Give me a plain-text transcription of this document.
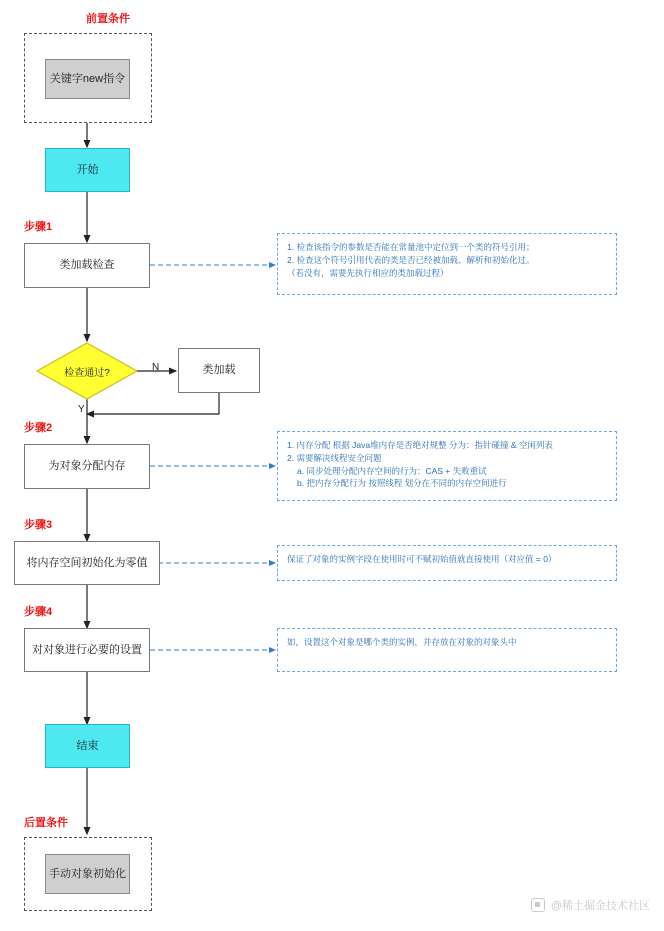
前置条件
关键字new指令
开始
步骤1
类加载检查
1. 检查该指令的参数是否能在常量池中定位到一个类的符号引用；
2. 检查这个符号引用代表的类是否已经被加载、解析和初始化过。
（若没有，需要先执行相应的类加载过程）
检查通过?	N
Y
类加载
步骤2
为对象分配内存
1. 内存分配 根据 Java堆内存是否绝对规整 分为：指针碰撞 & 空闲列表
2. 需要解决线程安全问题
a. 同步处理分配内存空间的行为：CAS + 失败重试
b. 把内存分配行为 按照线程 划分在不同的内存空间进行
步骤3
将内存空间初始化为零值	保证了对象的实例字段在使用时可不赋初始值就直接使用（对应值 = 0）
步骤4
对对象进行必要的设置
如，设置这个对象是哪个类的实例，并存放在对象的对象头中
结束
后置条件
手动对象初始化
@稀土掘金技术社区
